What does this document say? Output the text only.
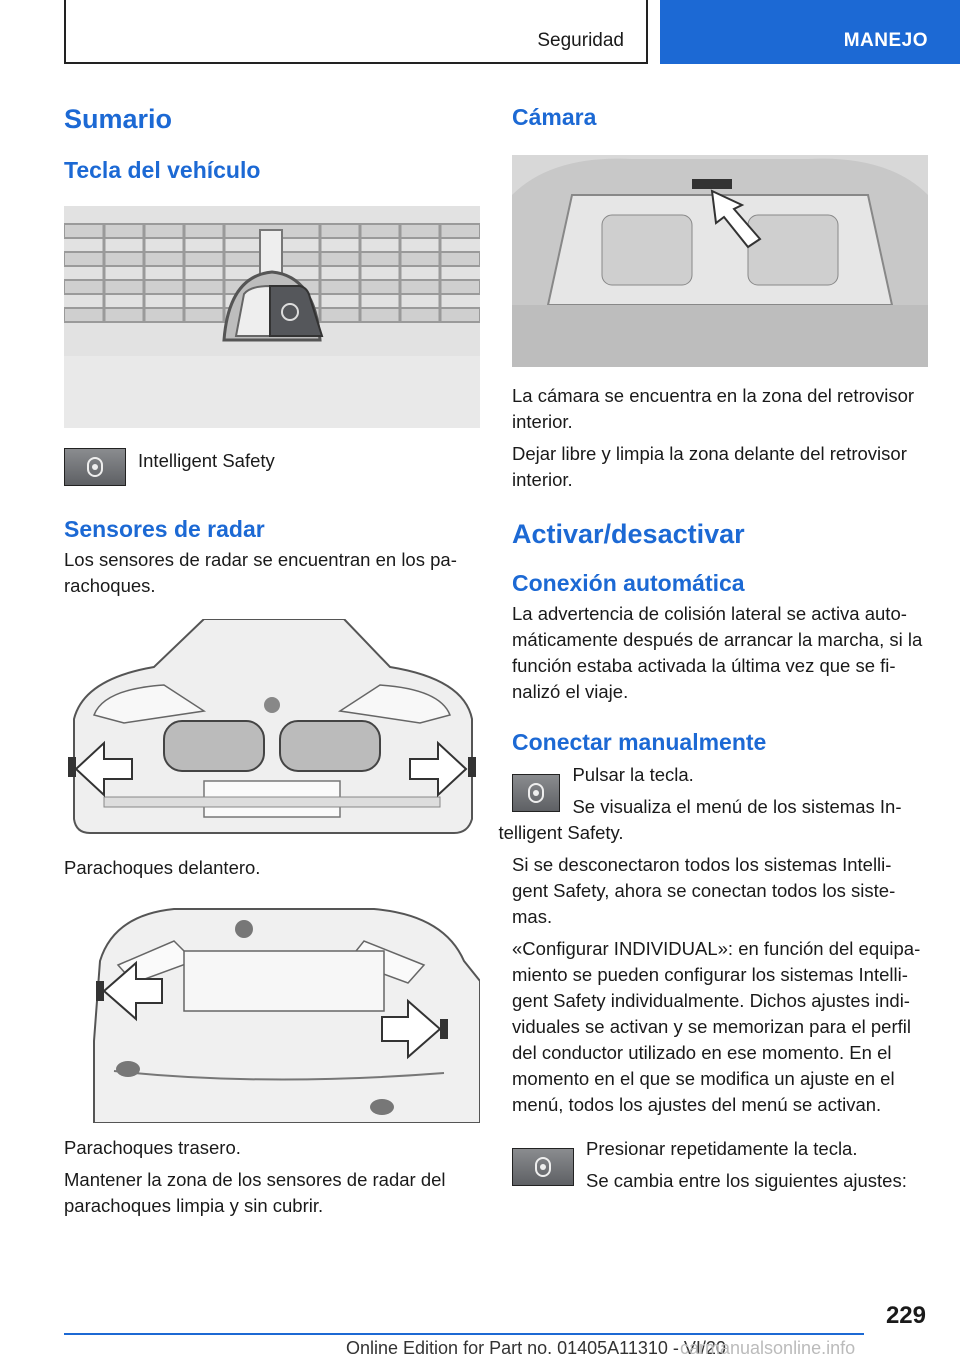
Seguridad	MANEJO
Sumario
Tecla del vehículo

Intelligent Safety

Sensores de radar

Los sensores de radar se encuentran en los pa‐ rachoques.

Parachoques delantero.

Parachoques trasero.

Mantener la zona de los sensores de radar del parachoques limpia y sin cubrir.

Cámara

La cámara se encuentra en la zona del retrovisor interior.

Dejar libre y limpia la zona delante del retrovisor interior.

Activar/desactivar
Conexión automática

La advertencia de colisión lateral se activa auto‐ máticamente después de arrancar la marcha, si la función estaba activada la última vez que se fi‐ nalizó el viaje.

Conectar manualmente

Pulsar la tecla.

Se visualiza el menú de los sistemas In‐ telligent Safety.

Si se desconectaron todos los sistemas Intelli‐ gent Safety, ahora se conectan todos los siste‐ mas.

«Configurar INDIVIDUAL»: en función del equipa‐ miento se pueden configurar los sistemas Intelli‐ gent Safety individualmente. Dichos ajustes indi‐ viduales se activan y se memorizan para el perfil del conductor utilizado en ese momento. En el momento en el que se modifica un ajuste en el menú, todos los ajustes del menú se activan.

Presionar repetidamente la tecla.

Se cambia entre los siguientes ajustes:

229
Online Edition for Part no. 01405A11310 - VI/20
carmanualsonline.info
